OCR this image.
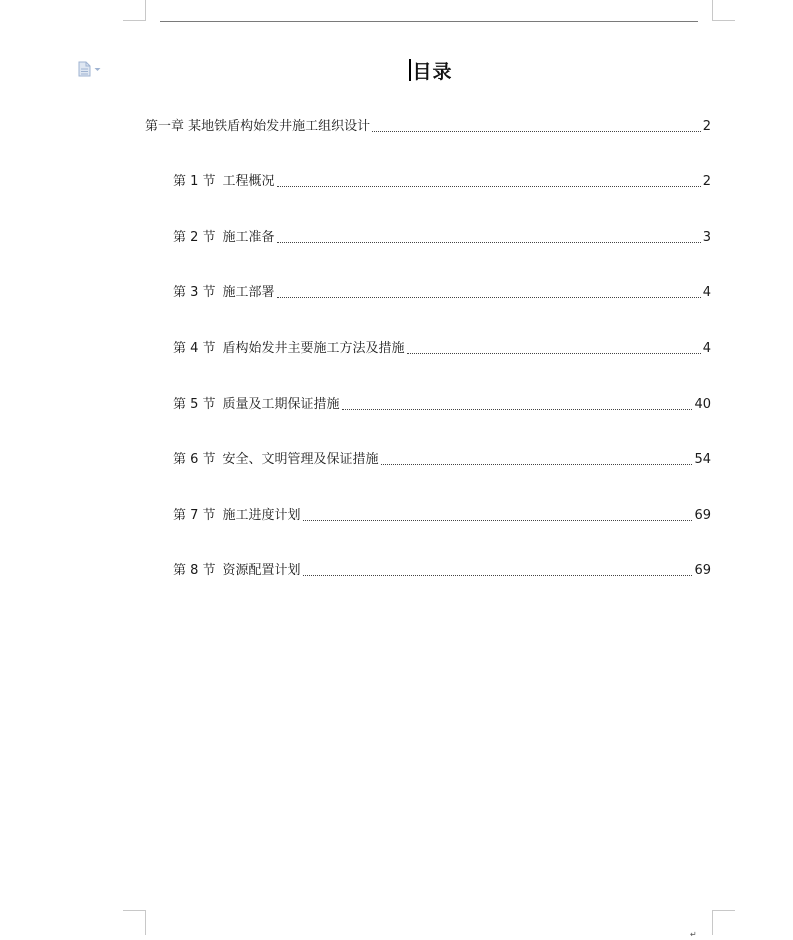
目录
第一章 某地铁盾构始发井施工组织设计	2
第 1 节 工程概况	2
第 2 节 施工准备	3
第 3 节 施工部署	4
第 4 节 盾构始发井主要施工方法及措施	4
第 5 节 质量及工期保证措施	40
第 6 节 安全、文明管理及保证措施	54
第 7 节 施工进度计划	69
第 8 节 资源配置计划	69
↵
